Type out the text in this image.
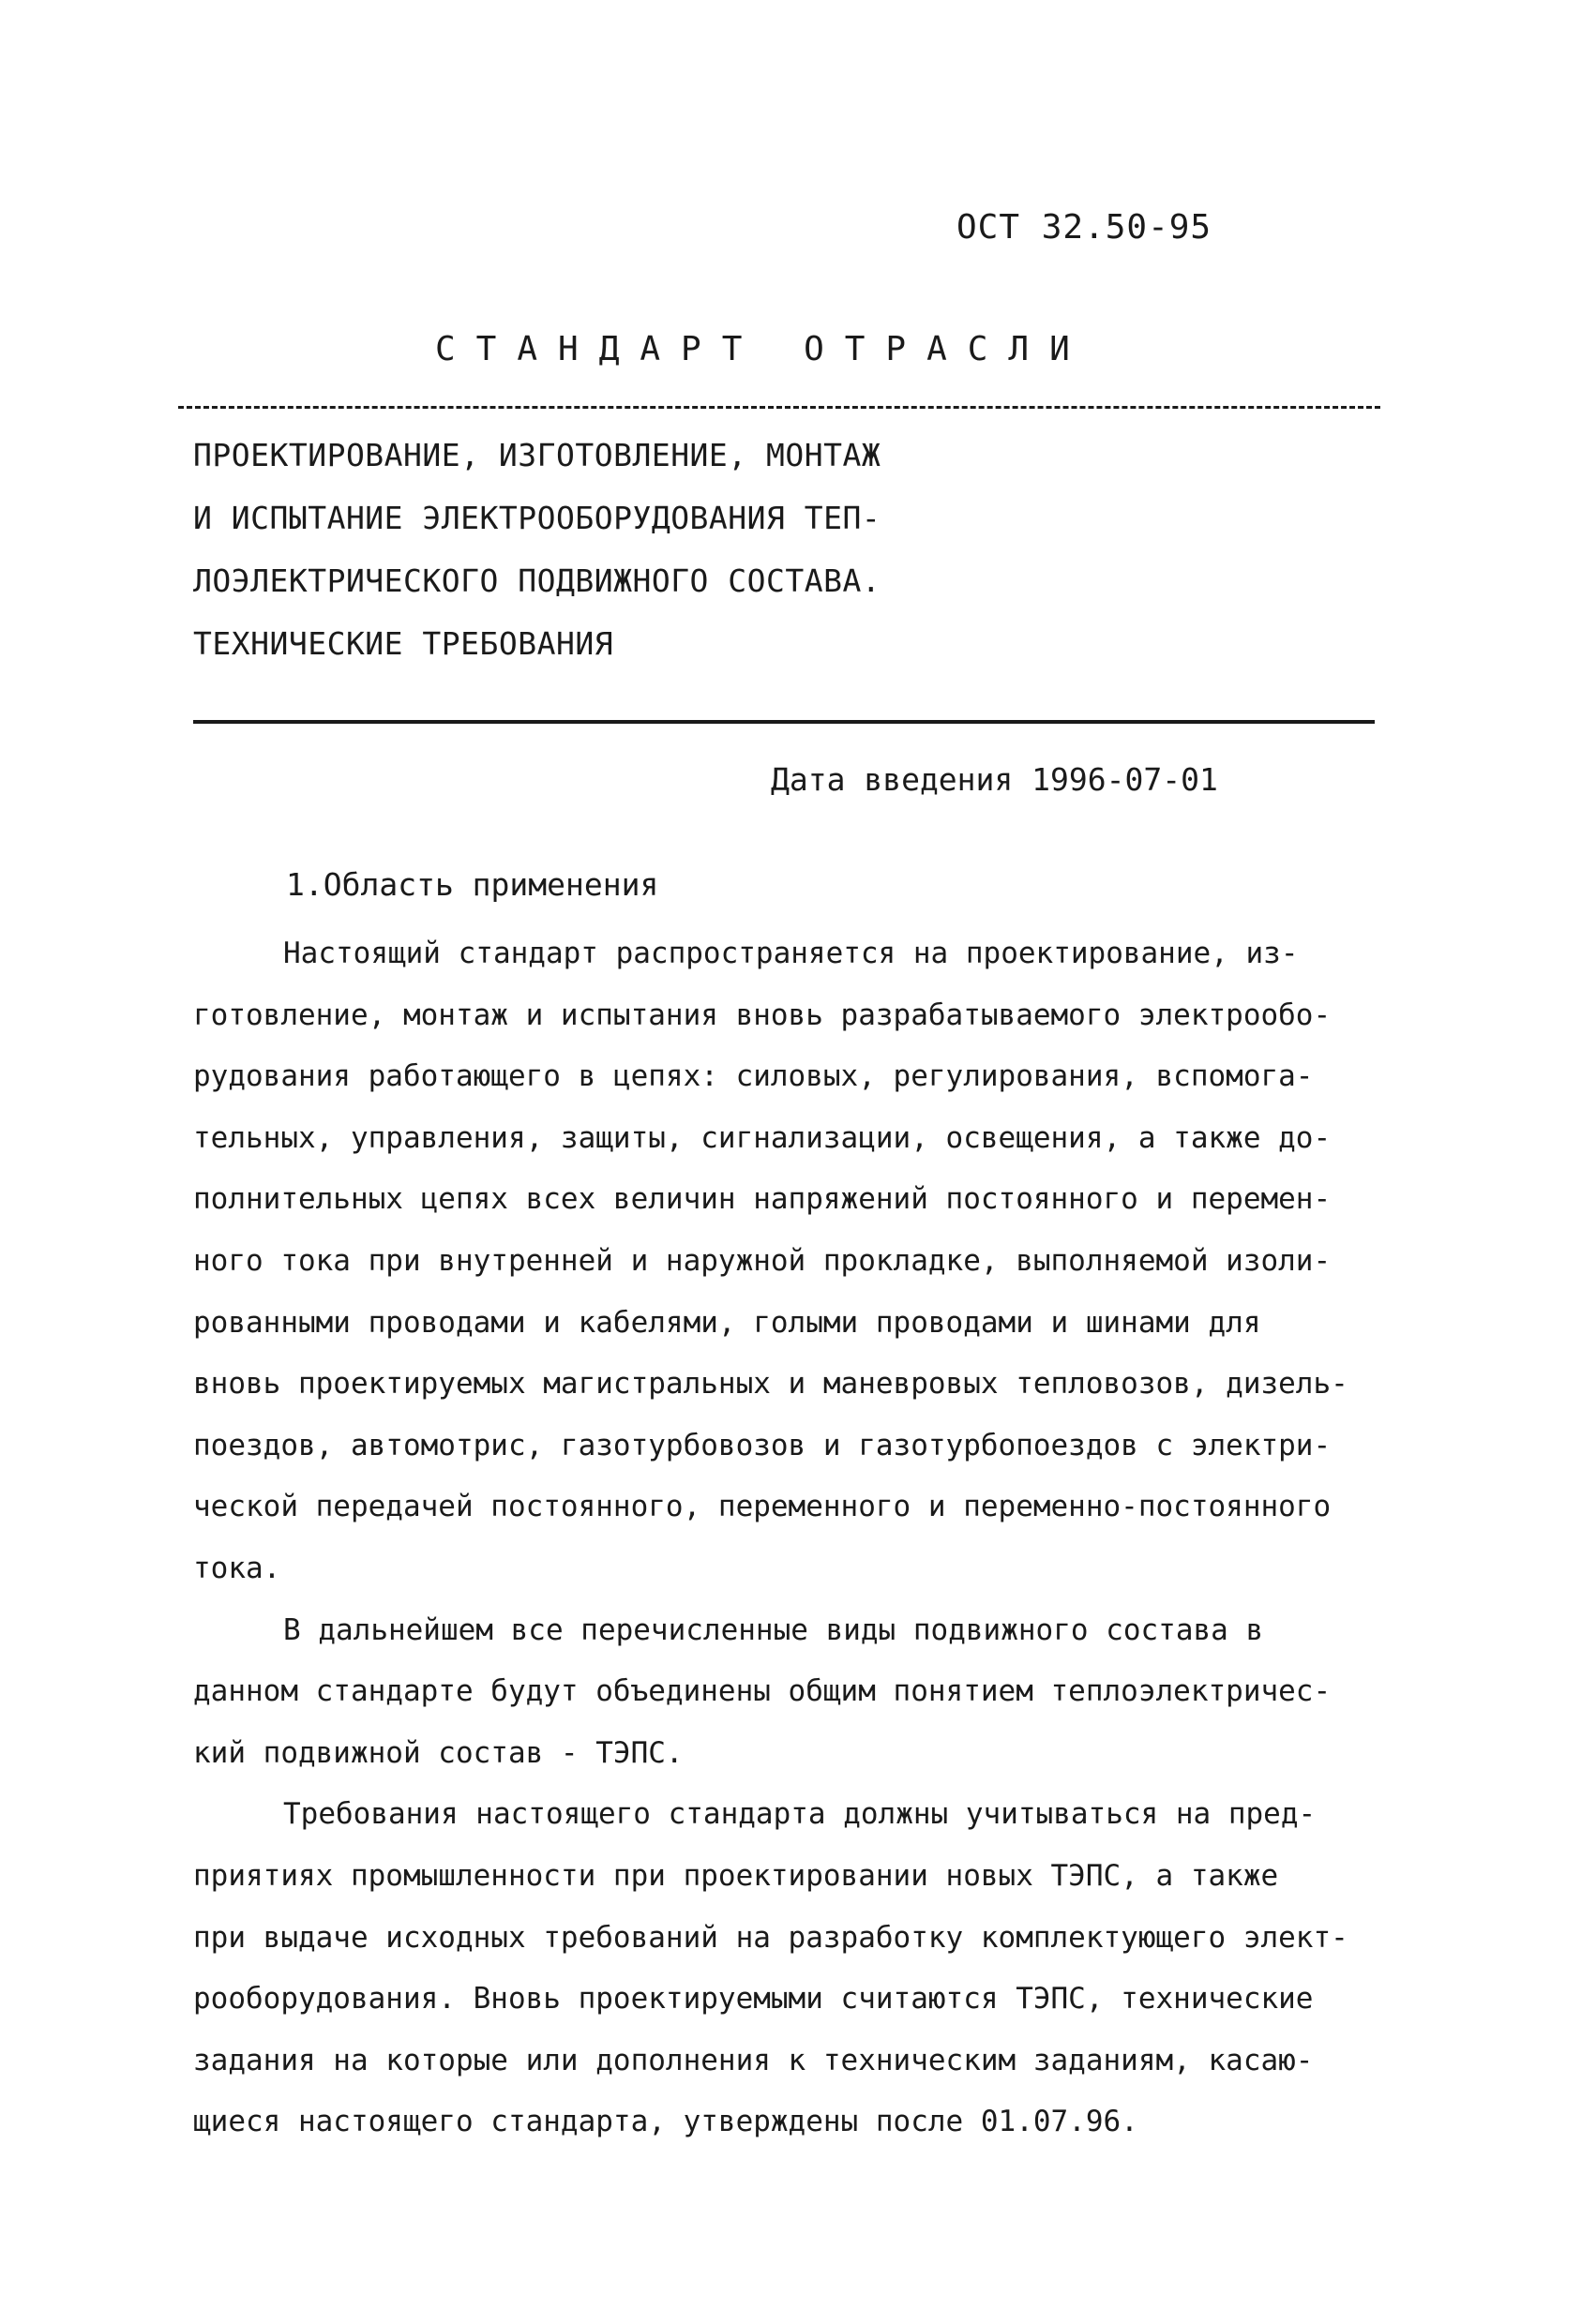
ОСТ 32.50-95
СТАНДАРТ ОТРАСЛИ
ПРОЕКТИРОВАНИЕ, ИЗГОТОВЛЕНИЕ, МОНТАЖ
И ИСПЫТАНИЕ ЭЛЕКТРООБОРУДОВАНИЯ ТЕП-
ЛОЭЛЕКТРИЧЕСКОГО ПОДВИЖНОГО СОСТАВА.
ТЕХНИЧЕСКИЕ ТРЕБОВАНИЯ
Дата введения 1996-07-01
1.Область применения
Настоящий стандарт распространяется на проектирование, из-
готовление, монтаж и испытания вновь разрабатываемого электрообо-
рудования работающего в цепях: силовых, регулирования, вспомога-
тельных, управления, защиты, сигнализации, освещения, а также до-
полнительных цепях всех величин напряжений постоянного и перемен-
ного тока при внутренней и наружной прокладке, выполняемой изоли-
рованными проводами и кабелями, голыми проводами и шинами для
вновь проектируемых магистральных и маневровых тепловозов, дизель-
поездов, автомотрис, газотурбовозов и газотурбопоездов с электри-
ческой передачей постоянного, переменного и переменно-постоянного
тока.
В дальнейшем все перечисленные виды подвижного состава в
данном стандарте будут объединены общим понятием теплоэлектричес-
кий подвижной состав - ТЭПС.
Требования настоящего стандарта должны учитываться на пред-
приятиях промышленности при проектировании новых ТЭПС, а также
при выдаче исходных требований на разработку комплектующего элект-
рооборудования. Вновь проектируемыми считаются ТЭПС, технические
задания на которые или дополнения к техническим заданиям, касаю-
щиеся настоящего стандарта, утверждены после 01.07.96.
